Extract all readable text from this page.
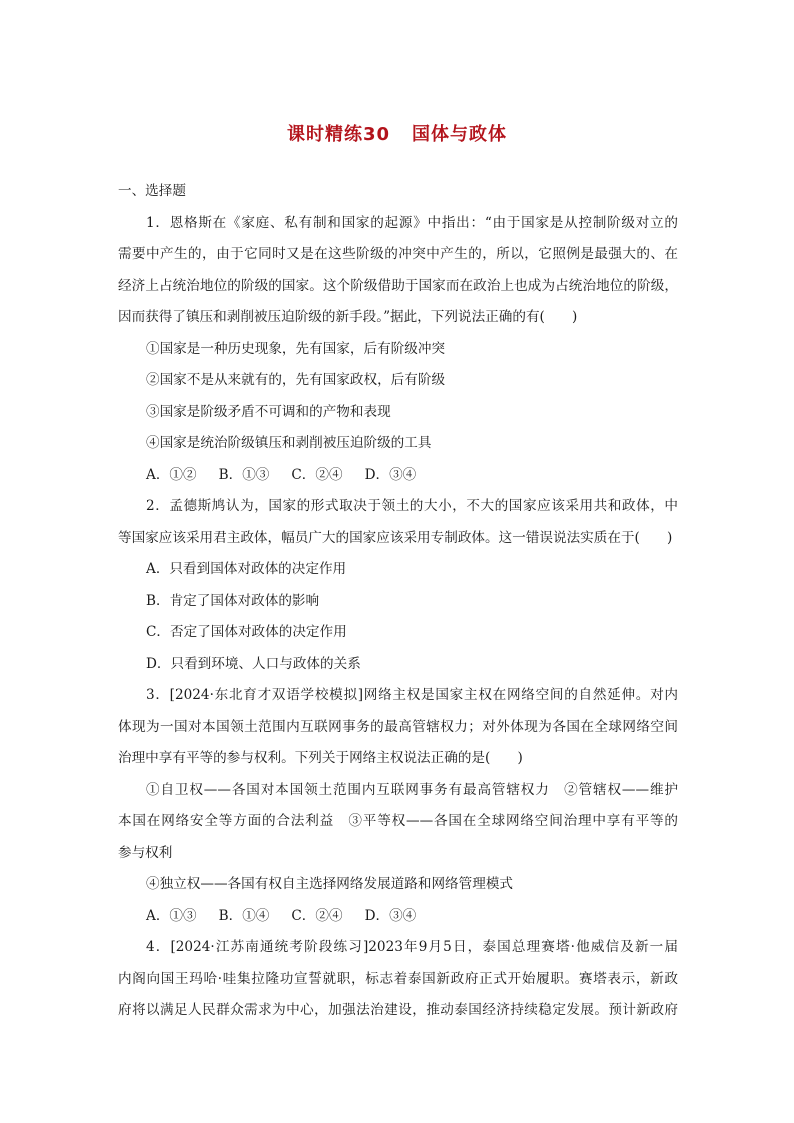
课时精练30 国体与政体
一、选择题
1．恩格斯在《家庭、私有制和国家的起源》中指出：“由于国家是从控制阶级对立的
需要中产生的，由于它同时又是在这些阶级的冲突中产生的，所以，它照例是最强大的、在
经济上占统治地位的阶级的国家。这个阶级借助于国家而在政治上也成为占统治地位的阶级，
因而获得了镇压和剥削被压迫阶级的新手段。”据此，下列说法正确的有(　　)
①国家是一种历史现象，先有国家，后有阶级冲突
②国家不是从来就有的，先有国家政权，后有阶级
③国家是阶级矛盾不可调和的产物和表现
④国家是统治阶级镇压和剥削被压迫阶级的工具
A．①② B．①③ C．②④ D．③④
2．孟德斯鸠认为，国家的形式取决于领土的大小，不大的国家应该采用共和政体，中
等国家应该采用君主政体，幅员广大的国家应该采用专制政体。这一错误说法实质在于(　　)
A．只看到国体对政体的决定作用
B．肯定了国体对政体的影响
C．否定了国体对政体的决定作用
D．只看到环境、人口与政体的关系
3．[2024·东北育才双语学校模拟]网络主权是国家主权在网络空间的自然延伸。对内
体现为一国对本国领土范围内互联网事务的最高管辖权力；对外体现为各国在全球网络空间
治理中享有平等的参与权利。下列关于网络主权说法正确的是(　　)
①自卫权——各国对本国领土范围内互联网事务有最高管辖权力　②管辖权——维护
本国在网络安全等方面的合法利益　③平等权——各国在全球网络空间治理中享有平等的
参与权利
④独立权——各国有权自主选择网络发展道路和网络管理模式
A．①③ B．①④ C．②④ D．③④
4．[2024·江苏南通统考阶段练习]2023年9月5日，泰国总理赛塔·他威信及新一届
内阁向国王玛哈·哇集拉隆功宣誓就职，标志着泰国新政府正式开始履职。赛塔表示，新政
府将以满足人民群众需求为中心，加强法治建设，推动泰国经济持续稳定发展。预计新政府
